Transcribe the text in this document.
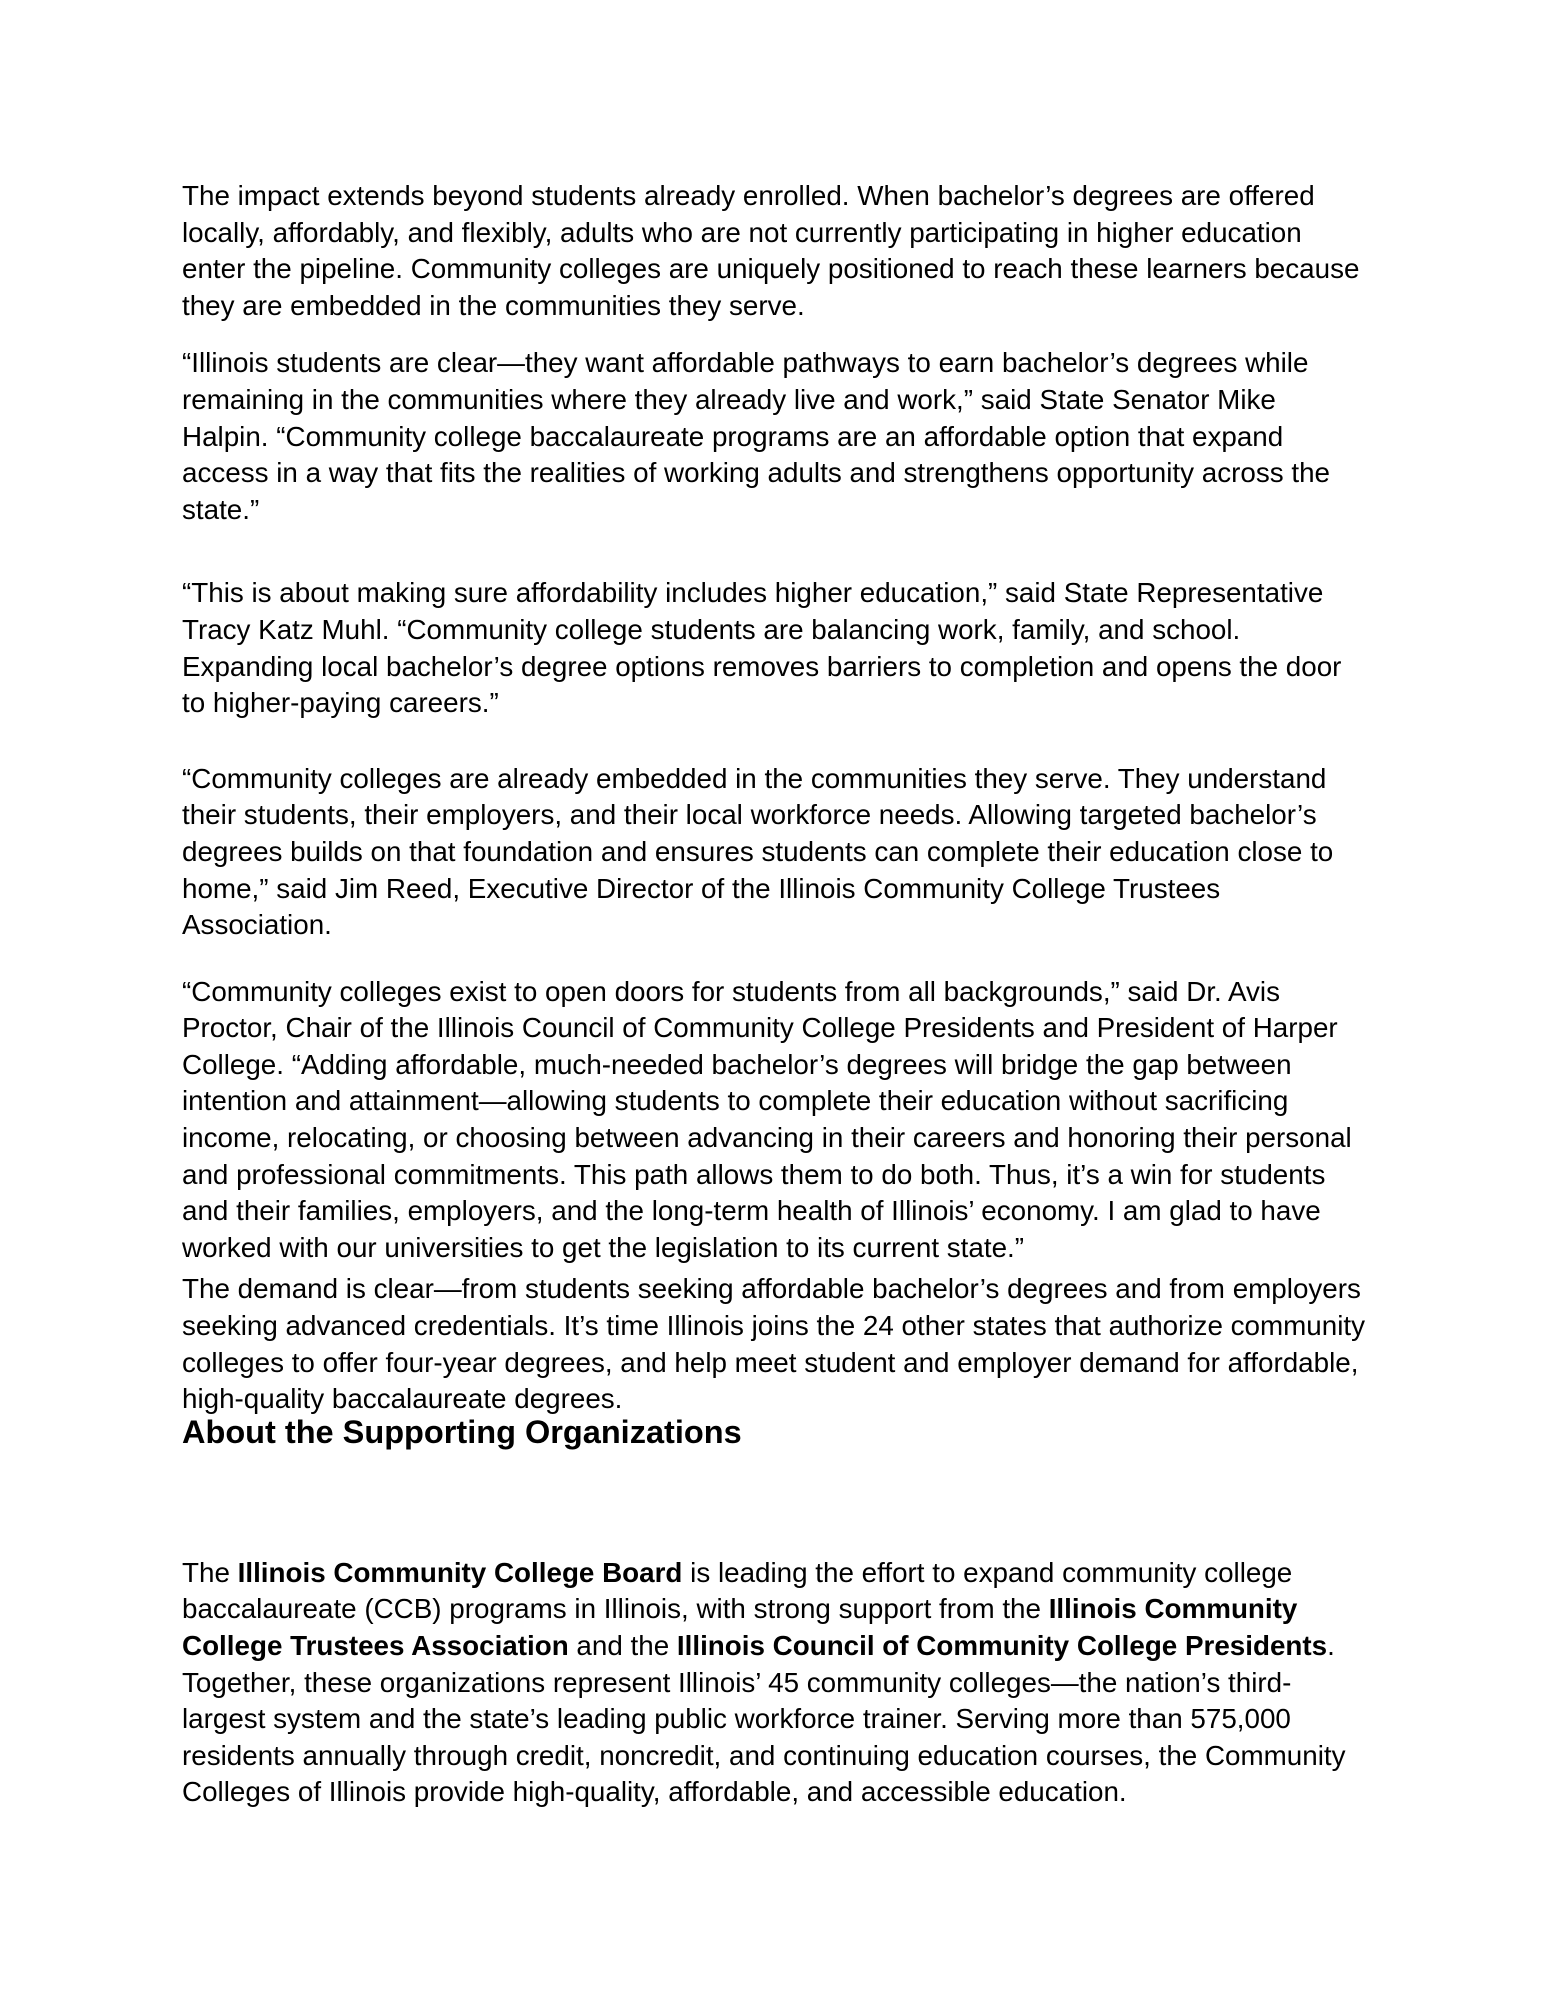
The impact extends beyond students already enrolled. When bachelor’s degrees are offered locally, affordably, and flexibly, adults who are not currently participating in higher education enter the pipeline. Community colleges are uniquely positioned to reach these learners because they are embedded in the communities they serve.

“Illinois students are clear—they want affordable pathways to earn bachelor’s degrees while remaining in the communities where they already live and work,” said State Senator Mike Halpin. “Community college baccalaureate programs are an affordable option that expand access in a way that fits the realities of working adults and strengthens opportunity across the state.”

“This is about making sure affordability includes higher education,” said State Representative Tracy Katz Muhl. “Community college students are balancing work, family, and school. Expanding local bachelor’s degree options removes barriers to completion and opens the door to higher-paying careers.”

“Community colleges are already embedded in the communities they serve. They understand their students, their employers, and their local workforce needs. Allowing targeted bachelor’s degrees builds on that foundation and ensures students can complete their education close to home,” said Jim Reed, Executive Director of the Illinois Community College Trustees Association.

“Community colleges exist to open doors for students from all backgrounds,” said Dr. Avis Proctor, Chair of the Illinois Council of Community College Presidents and President of Harper College. “Adding affordable, much-needed bachelor’s degrees will bridge the gap between intention and attainment—allowing students to complete their education without sacrificing income, relocating, or choosing between advancing in their careers and honoring their personal and professional commitments. This path allows them to do both. Thus, it’s a win for students and their families, employers, and the long-term health of Illinois’ economy. I am glad to have worked with our universities to get the legislation to its current state.”

The demand is clear—from students seeking affordable bachelor’s degrees and from employers seeking advanced credentials. It’s time Illinois joins the 24 other states that authorize community colleges to offer four-year degrees, and help meet student and employer demand for affordable, high-quality baccalaureate degrees.

About the Supporting Organizations

The Illinois Community College Board is leading the effort to expand community college baccalaureate (CCB) programs in Illinois, with strong support from the Illinois Community College Trustees Association and the Illinois Council of Community College Presidents. Together, these organizations represent Illinois’ 45 community colleges—the nation’s third-largest system and the state’s leading public workforce trainer. Serving more than 575,000 residents annually through credit, noncredit, and continuing education courses, the Community Colleges of Illinois provide high-quality, affordable, and accessible education.
